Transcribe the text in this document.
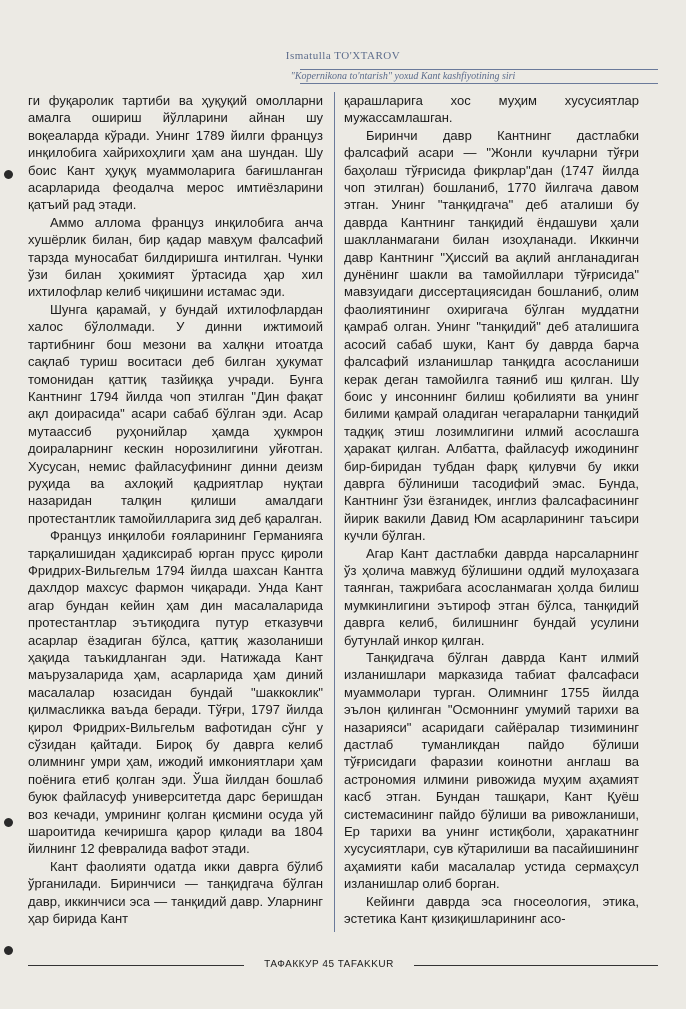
Ismatulla TO'XTAROV
"Kopernikona to'ntarish" yoxud Kant kashfiyotining siri

ги фуқаролик тартиби ва ҳуқуқий омолларни амалга ошириш йўлларини айнан шу воқеаларда кўради. Унинг 1789 йилги француз инқилобига хайрихоҳлиги ҳам ана шундан. Шу боис Кант ҳуқуқ муаммоларига бағишланган асарларида феодалча мерос имтиёзларини қатъий рад этади.

Аммо аллома француз инқилобига анча хушёрлик билан, бир қадар мавҳум фалсафий тарзда муносабат билдиришга интилган. Чунки ўзи билан ҳокимият ўртасида ҳар хил ихтилофлар келиб чиқишини истамас эди.

Шунга қарамай, у бундай ихтилофлардан халос бўлолмади. У динни ижтимоий тартибнинг бош мезони ва халқни итоатда сақлаб туриш воситаси деб билган ҳукумат томонидан қаттиқ тазйиққа учради. Бунга Кантнинг 1794 йилда чоп этилган "Дин фақат ақл доирасида" асари сабаб бўлган эди. Асар мутаассиб руҳонийлар ҳамда ҳукмрон доираларнинг кескин норозилигини уйғотган. Хусусан, немис файласуфининг динни деизм руҳида ва ахлоқий қадриятлар нуқтаи назаридан талқин қилиши амалдаги протестантлик тамойилларига зид деб қаралган.

Француз инқилоби ғояларининг Германияга тарқалишидан ҳадиксираб юрган пруcс қироли Фридрих-Вильгельм 1794 йилда шахсан Кантга дахлдор махсус фармон чиқаради. Унда Кант агар бундан кейин ҳам дин масалаларида протестантлар эътиқодига путур етказувчи асарлар ёзадиган бўлса, қаттиқ жазоланиши ҳақида таъкидланган эди. Натижада Кант маърузаларида ҳам, асарларида ҳам диний масалалар юзасидан бундай "шаккоклик" қилмасликка ваъда беради. Тўғри, 1797 йилда қирол Фридрих-Вильгельм вафотидан сўнг у сўзидан қайтади. Бироқ бу даврга келиб олимнинг умри ҳам, ижодий имкониятлари ҳам поёнига етиб қолган эди. Ўша йилдан бошлаб буюк файласуф университетда дарс беришдан воз кечади, умрининг қолган қисмини осуда уй шароитида кечиришга қарор қилади ва 1804 йилнинг 12 февралида вафот этади.

Кант фаолияти одатда икки даврга бўлиб ўрганилади. Биринчиси — танқидгача бўлган давр, иккинчиси эса — танқидий давр. Уларнинг ҳар бирида Кант

қарашларига хос муҳим хусусиятлар мужассамлашган.

Биринчи давр Кантнинг дастлабки фалсафий асари — "Жонли кучларни тўғри баҳолаш тўғрисида фикрлар"дан (1747 йилда чоп этилган) бошланиб, 1770 йилгача давом этган. Унинг "танқидгача" деб аталиши бу даврда Кантнинг танқидий ёндашуви ҳали шаклланмагани билан изоҳланади. Иккинчи давр Кантнинг "Ҳиссий ва ақлий англанадиган дунёнинг шакли ва тамойиллари тўғрисида" мавзуидаги диссертациясидан бошланиб, олим фаолиятининг охиригача бўлган муддатни қамраб олган. Унинг "танқидий" деб аталишига асосий сабаб шуки, Кант бу даврда барча фалсафий изланишлар танқидга асосланиши керак деган тамойилга таяниб иш қилган. Шу боис у инсоннинг билиш қобилияти ва унинг билими қамрай оладиган чегараларни танқидий тадқиқ этиш лозимлигини илмий асослашга ҳаракат қилган. Албатта, файласуф ижодининг бир-биридан тубдан фарқ қилувчи бу икки даврга бўлиниши тасодифий эмас. Бунда, Кантнинг ўзи ёзганидек, инглиз фалсафасининг йирик вакили Давид Юм асарларининг таъсири кучли бўлган.

Агар Кант дастлабки даврда нарсаларнинг ўз ҳолича мавжуд бўлишини оддий мулоҳазага таянган, тажрибага асосланмаган ҳолда билиш мумкинлигини эътироф этган бўлса, танқидий даврга келиб, билишнинг бундай усулини бутунлай инкор қилган.

Танқидгача бўлган даврда Кант илмий изланишлари марказида табиат фалсафаси муаммолари турган. Олимнинг 1755 йилда эълон қилинган "Осмоннинг умумий тарихи ва назарияси" асаридаги сайёралар тизимининг дастлаб туманликдан пайдо бўлиши тўғрисидаги фаразии коинотни англаш ва астрономия илмини ривожида муҳим аҳамият касб этган. Бундан ташқари, Кант Қуёш системасининг пайдо бўлиши ва ривожланиши, Ер тарихи ва унинг истиқболи, ҳаракатнинг хусусиятлари, сув кўтарилиши ва пасайишининг аҳамияти каби масалалар устида сермаҳсул изланишлар олиб борган.

Кейинги даврда эса гносеология, этика, эстетика Кант қизиқишларининг асо-

ТАФАККУР 45 TAFAKKUR
